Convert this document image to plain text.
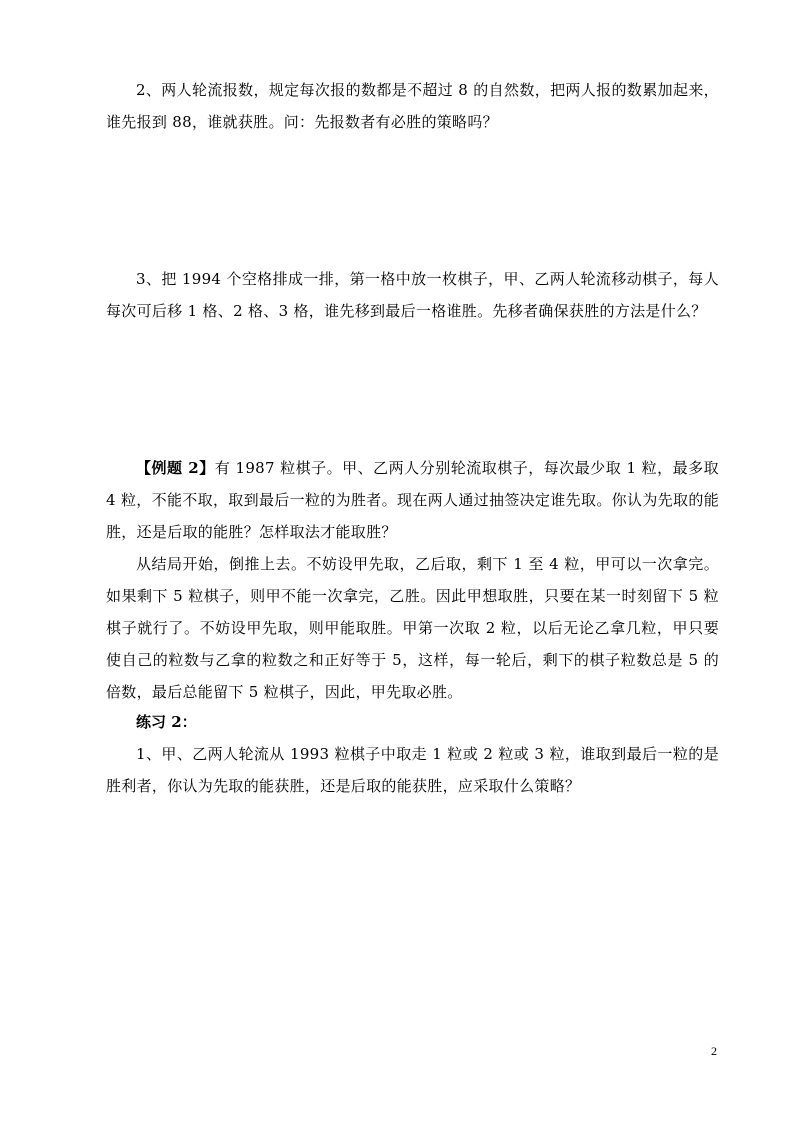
2、两人轮流报数，规定每次报的数都是不超过 8 的自然数，把两人报的数累加起来，谁先报到 88，谁就获胜。问：先报数者有必胜的策略吗？

3、把 1994 个空格排成一排，第一格中放一枚棋子，甲、乙两人轮流移动棋子，每人每次可后移 1 格、2 格、3 格，谁先移到最后一格谁胜。先移者确保获胜的方法是什么？

【例题 2】有 1987 粒棋子。甲、乙两人分别轮流取棋子，每次最少取 1 粒，最多取 4 粒，不能不取，取到最后一粒的为胜者。现在两人通过抽签决定谁先取。你认为先取的能胜，还是后取的能胜？怎样取法才能取胜？

从结局开始，倒推上去。不妨设甲先取，乙后取，剩下 1 至 4 粒，甲可以一次拿完。如果剩下 5 粒棋子，则甲不能一次拿完，乙胜。因此甲想取胜，只要在某一时刻留下 5 粒棋子就行了。不妨设甲先取，则甲能取胜。甲第一次取 2 粒，以后无论乙拿几粒，甲只要使自己的粒数与乙拿的粒数之和正好等于 5，这样，每一轮后，剩下的棋子粒数总是 5 的倍数，最后总能留下 5 粒棋子，因此，甲先取必胜。

练习 2：

1、甲、乙两人轮流从 1993 粒棋子中取走 1 粒或 2 粒或 3 粒，谁取到最后一粒的是胜利者，你认为先取的能获胜，还是后取的能获胜，应采取什么策略？

2
